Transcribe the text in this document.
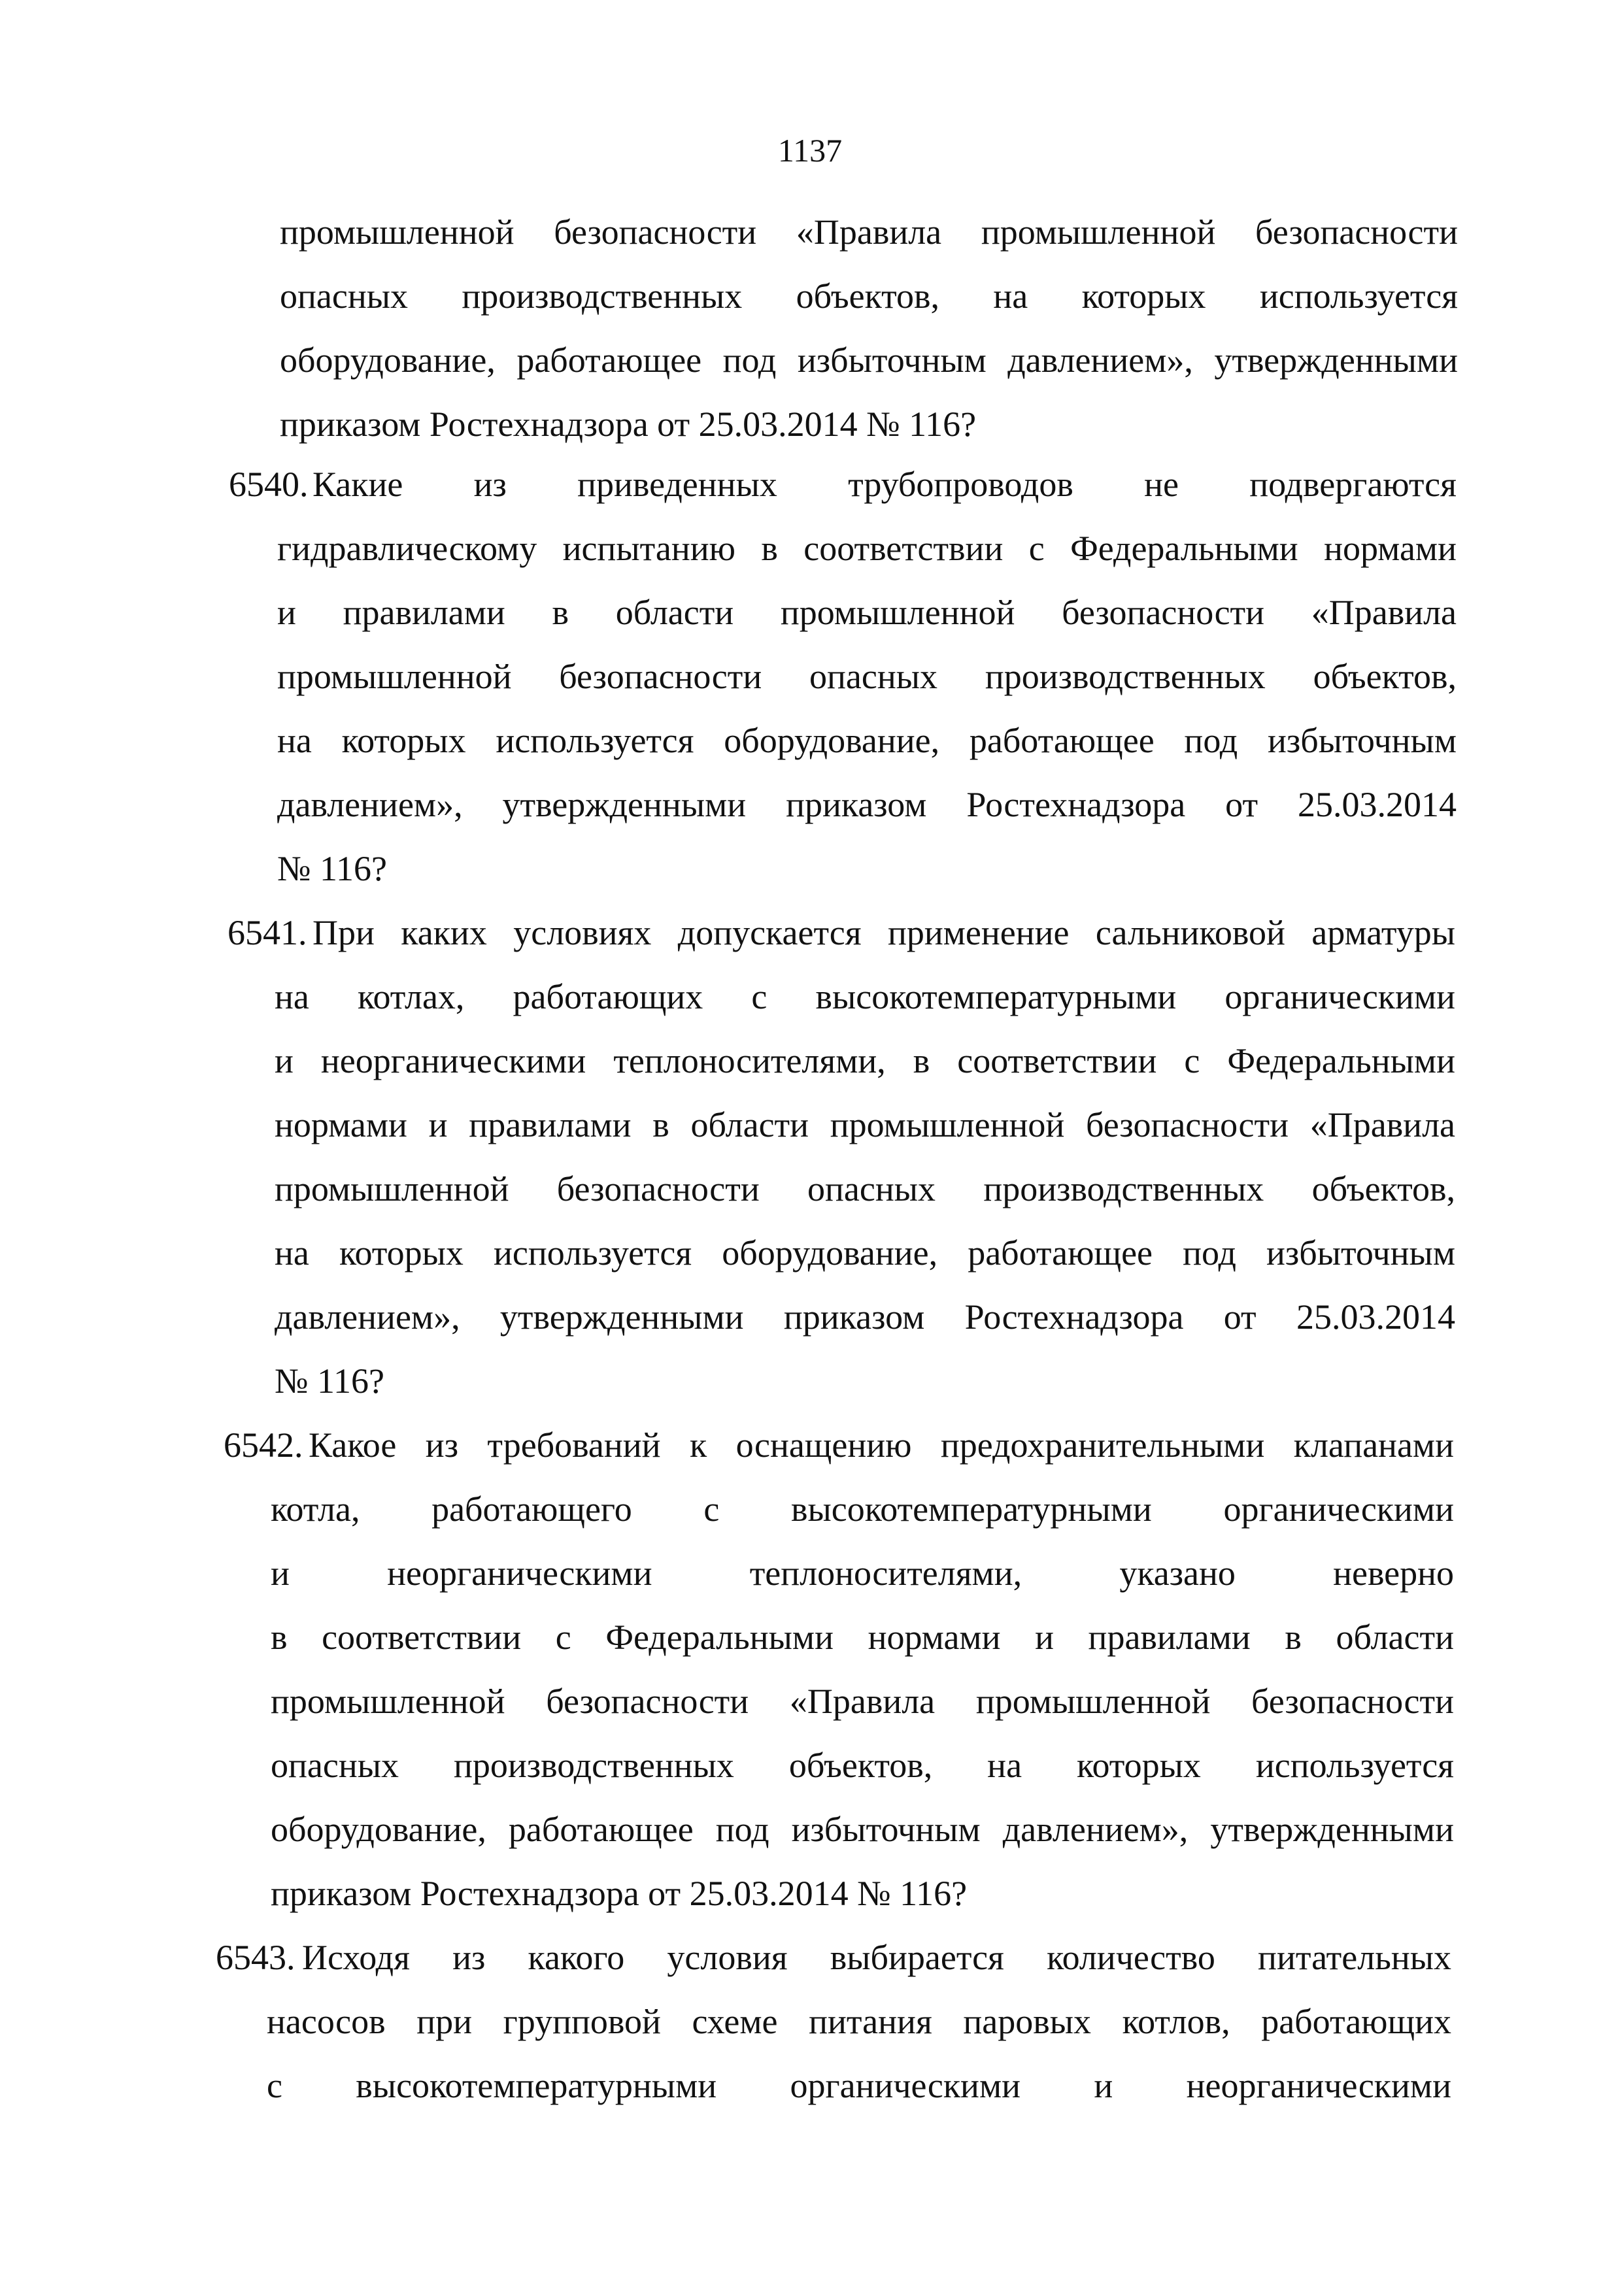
1137
промышленной безопасности «Правила промышленной безопасности
опасных производственных объектов, на которых используется
оборудование, работающее под избыточным давлением», утвержденными
приказом Ростехнадзора от 25.03.2014 № 116?
6540. Какие из приведенных трубопроводов не подвергаются
гидравлическому испытанию в соответствии с Федеральными нормами
и правилами в области промышленной безопасности «Правила
промышленной безопасности опасных производственных объектов,
на которых используется оборудование, работающее под избыточным
давлением», утвержденными приказом Ростехнадзора от 25.03.2014
№ 116?
6541. При каких условиях допускается применение сальниковой арматуры
на котлах, работающих с высокотемпературными органическими
и неорганическими теплоносителями, в соответствии с Федеральными
нормами и правилами в области промышленной безопасности «Правила
промышленной безопасности опасных производственных объектов,
на которых используется оборудование, работающее под избыточным
давлением», утвержденными приказом Ростехнадзора от 25.03.2014
№ 116?
6542. Какое из требований к оснащению предохранительными клапанами
котла, работающего с высокотемпературными органическими
и неорганическими теплоносителями, указано неверно
в соответствии с Федеральными нормами и правилами в области
промышленной безопасности «Правила промышленной безопасности
опасных производственных объектов, на которых используется
оборудование, работающее под избыточным давлением», утвержденными
приказом Ростехнадзора от 25.03.2014 № 116?
6543. Исходя из какого условия выбирается количество питательных
насосов при групповой схеме питания паровых котлов, работающих
с высокотемпературными органическими и неорганическими
